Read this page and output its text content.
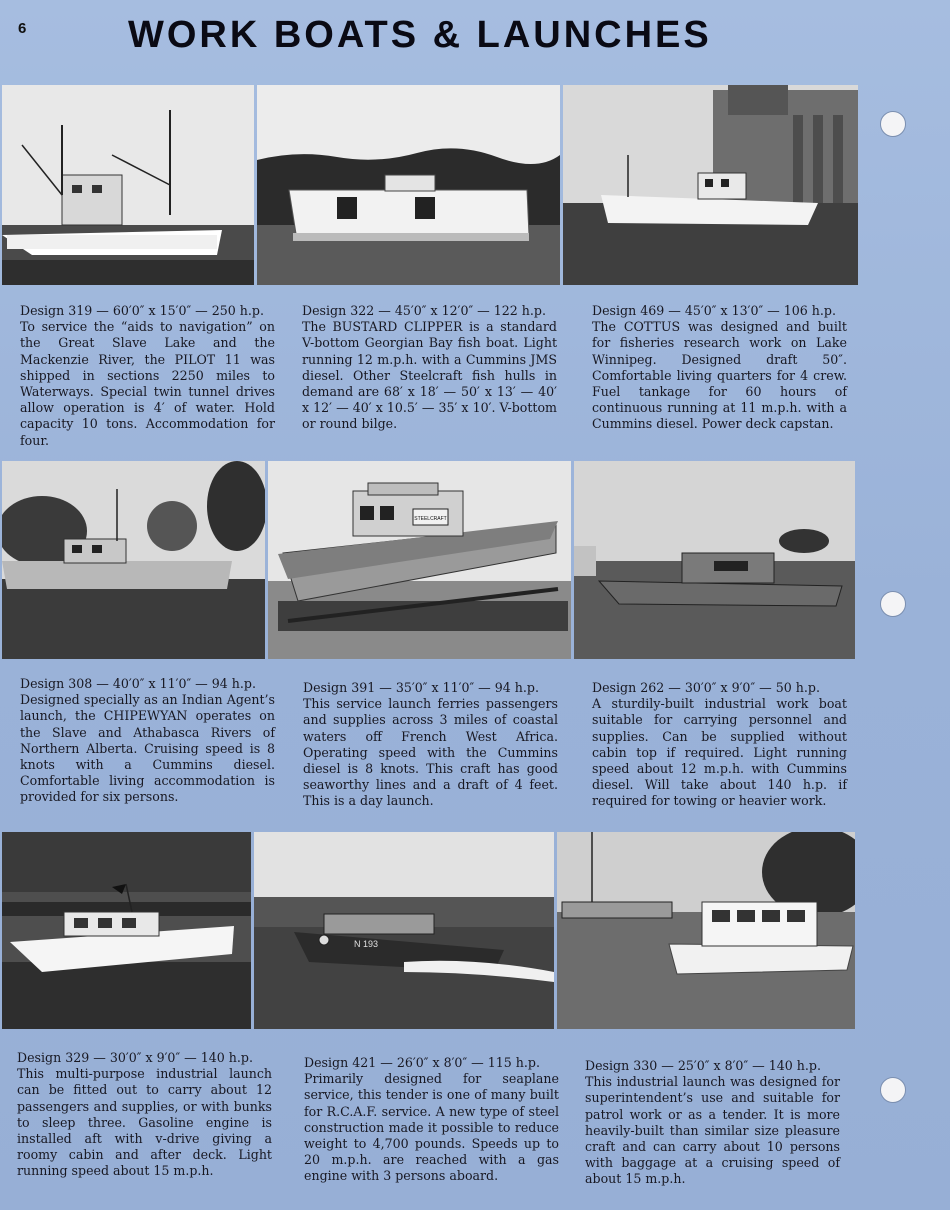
6	WORK BOATS & LAUNCHES
Design 319 — 60′0″ x 15′0″ — 250 h.p.
To service the “aids to navigation” on the Great Slave Lake and the Mackenzie River, the PILOT 11 was shipped in sections 2250 miles to Waterways. Special twin tunnel drives allow operation is 4′ of water. Hold capacity 10 tons. Accommodation for four.
Design 322 — 45′0″ x 12′0″ — 122 h.p.
The BUSTARD CLIPPER is a standard V-bottom Georgian Bay fish boat. Light running 12 m.p.h. with a Cummins JMS diesel. Other Steelcraft fish hulls in demand are 68′ x 18′ — 50′ x 13′ — 40′ x 12′ — 40′ x 10.5′ — 35′ x 10′. V-bottom or round bilge.
Design 469 — 45′0″ x 13′0″ — 106 h.p.
The COTTUS was designed and built for fisheries research work on Lake Winnipeg. Designed draft 50″. Comfortable living quarters for 4 crew. Fuel tankage for 60 hours of continuous running at 11 m.p.h. with a Cummins diesel. Power deck capstan.
STEELCRAFT
Design 308 — 40′0″ x 11′0″ — 94 h.p.
Designed specially as an Indian Agent’s launch, the CHIPEWYAN operates on the Slave and Athabasca Rivers of Northern Alberta. Cruising speed is 8 knots with a Cummins diesel. Comfortable living accommodation is provided for six persons.
Design 391 — 35′0″ x 11′0″ — 94 h.p.
This service launch ferries passengers and supplies across 3 miles of coastal waters off French West Africa. Operating speed with the Cummins diesel is 8 knots. This craft has good seaworthy lines and a draft of 4 feet. This is a day launch.
Design 262 — 30′0″ x 9′0″ — 50 h.p.
A sturdily-built industrial work boat suitable for carrying personnel and supplies. Can be supplied without cabin top if required. Light running speed about 12 m.p.h. with Cummins diesel. Will take about 140 h.p. if required for towing or heavier work.
N 193
Design 329 — 30′0″ x 9′0″ — 140 h.p.
This multi-purpose industrial launch can be fitted out to carry about 12 passengers and supplies, or with bunks to sleep three. Gasoline engine is installed aft with v-drive giving a roomy cabin and after deck. Light running speed about 15 m.p.h.
Design 421 — 26′0″ x 8′0″ — 115 h.p.
Primarily designed for seaplane service, this tender is one of many built for R.C.A.F. service. A new type of steel construction made it possible to reduce weight to 4,700 pounds. Speeds up to 20 m.p.h. are reached with a gas engine with 3 persons aboard.
Design 330 — 25′0″ x 8′0″ — 140 h.p.
This industrial launch was designed for superintendent’s use and suitable for patrol work or as a tender. It is more heavily-built than similar size pleasure craft and can carry about 10 persons with baggage at a cruising speed of about 15 m.p.h.
